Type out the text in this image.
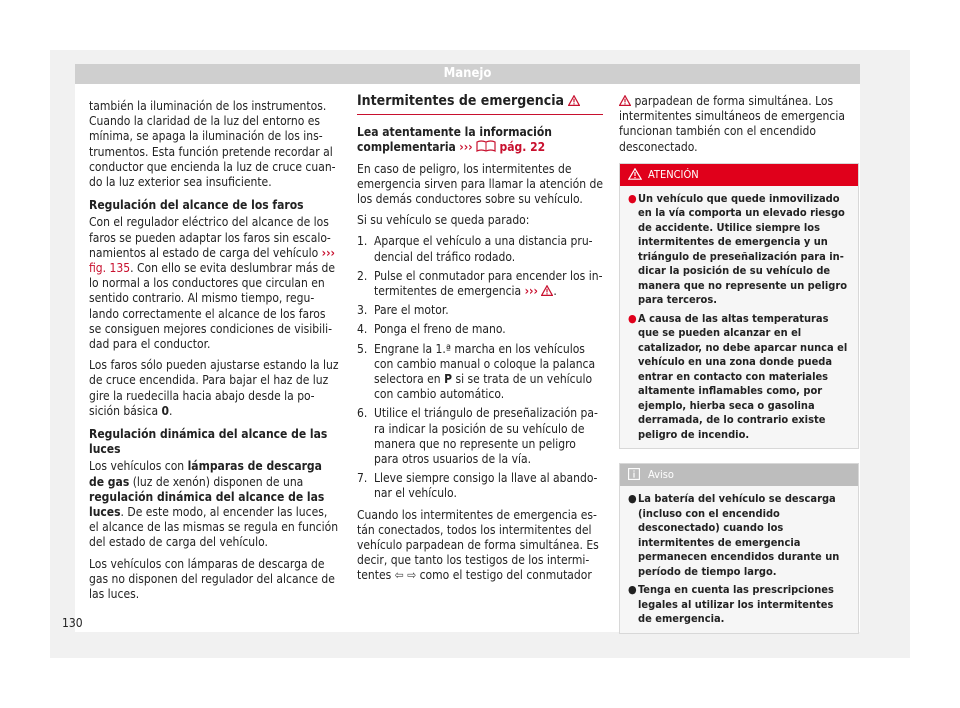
Manejo

también la iluminación de los instrumentos. Cuando la claridad de la luz del entorno es mínima, se apaga la iluminación de los instrumentos. Esta función pretende recordar al conductor que encienda la luz de cruce cuando la luz exterior sea insuficiente.

Regulación del alcance de los faros

Con el regulador eléctrico del alcance de los faros se pueden adaptar los faros sin escalonamientos al estado de carga del vehículo ››› fig. 135. Con ello se evita deslumbrar más de lo normal a los conductores que circulan en sentido contrario. Al mismo tiempo, regulando correctamente el alcance de los faros se consiguen mejores condiciones de visibilidad para el conductor.

Los faros sólo pueden ajustarse estando la luz de cruce encendida. Para bajar el haz de luz gire la ruedecilla hacia abajo desde la posición básica 0.

Regulación dinámica del alcance de las luces

Los vehículos con lámparas de descarga de gas (luz de xenón) disponen de una regulación dinámica del alcance de las luces. De este modo, al encender las luces, el alcance de las mismas se regula en función del estado de carga del vehículo.

Los vehículos con lámparas de descarga de gas no disponen del regulador del alcance de las luces.

Intermitentes de emergencia

Lea atentamente la información complementaria ››› pág. 22

En caso de peligro, los intermitentes de emergencia sirven para llamar la atención de los demás conductores sobre su vehículo.

Si su vehículo se queda parado:

1. Aparque el vehículo a una distancia prudencial del tráfico rodado.
2. Pulse el conmutador para encender los intermitentes de emergencia ››› .
3. Pare el motor.
4. Ponga el freno de mano.
5. Engrane la 1.ª marcha en los vehículos con cambio manual o coloque la palanca selectora en P si se trata de un vehículo con cambio automático.
6. Utilice el triángulo de preseñalización para indicar la posición de su vehículo de manera que no represente un peligro para otros usuarios de la vía.
7. Lleve siempre consigo la llave al abandonar el vehículo.

Cuando los intermitentes de emergencia están conectados, todos los intermitentes del vehículo parpadean de forma simultánea. Es decir, que tanto los testigos de los intermitentes ⇦ ⇨ como el testigo del conmutador

parpadean de forma simultánea. Los intermitentes simultáneos de emergencia funcionan también con el encendido desconectado.

ATENCIÓN
● Un vehículo que quede inmovilizado en la vía comporta un elevado riesgo de accidente. Utilice siempre los intermitentes de emergencia y un triángulo de preseñalización para indicar la posición de su vehículo de manera que no represente un peligro para terceros.
● A causa de las altas temperaturas que se pueden alcanzar en el catalizador, no debe aparcar nunca el vehículo en una zona donde pueda entrar en contacto con materiales altamente inflamables como, por ejemplo, hierba seca o gasolina derramada, de lo contrario existe peligro de incendio.
Aviso
● La batería del vehículo se descarga (incluso con el encendido desconectado) cuando los intermitentes de emergencia permanecen encendidos durante un período de tiempo largo.
● Tenga en cuenta las prescripciones legales al utilizar los intermitentes de emergencia.
130
